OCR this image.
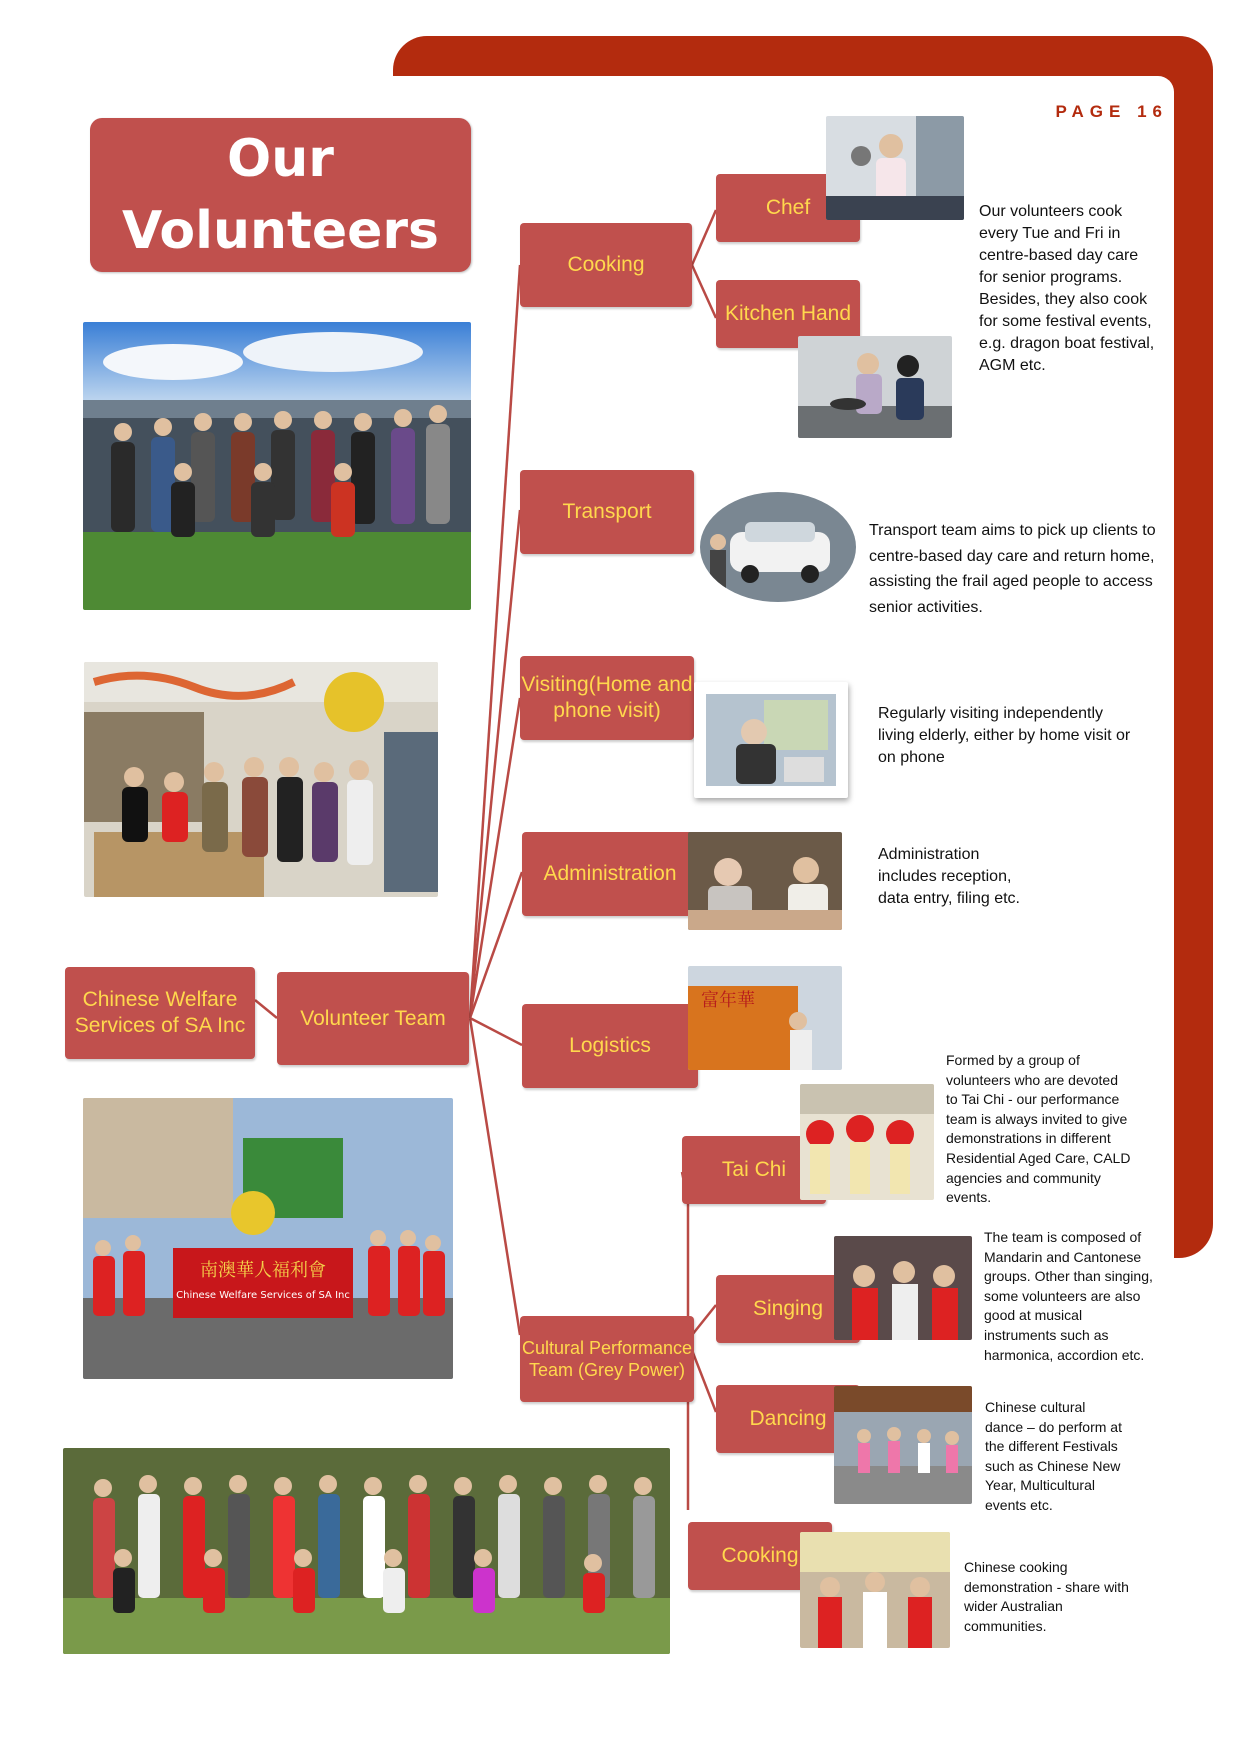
PAGE 16
Our
Volunteers
南澳華人福利會
Chinese Welfare Services of SA Inc
Chinese Welfare Services of SA Inc	Volunteer Team
Cooking
Chef
Kitchen Hand
Transport
Visiting(Home and phone visit)
Administration
Logistics
Cultural Performance Team (Grey Power)
Tai Chi
Singing
Dancing
Cooking
富年華
Our volunteers cook every Tue and Fri in centre-based day care for senior programs. Besides, they also cook for some festival events, e.g. dragon boat festival, AGM etc.
Transport team aims to pick up clients to centre-based day care and return home, assisting the frail aged people to access senior activities.
Regularly visiting independently living elderly, either by home visit or on phone
Administration includes reception, data entry, filing etc.
Formed by a group of volunteers who are devoted to Tai Chi - our performance team is always invited to give demonstrations in different Residential Aged Care, CALD agencies and community events.
The team is composed of Mandarin and Cantonese groups. Other than singing, some volunteers are also good at musical instruments such as harmonica, accordion etc.
Chinese cultural dance – do perform at the different Festivals such as Chinese New Year, Multicultural events etc.
Chinese cooking demonstration - share with wider Australian communities.
